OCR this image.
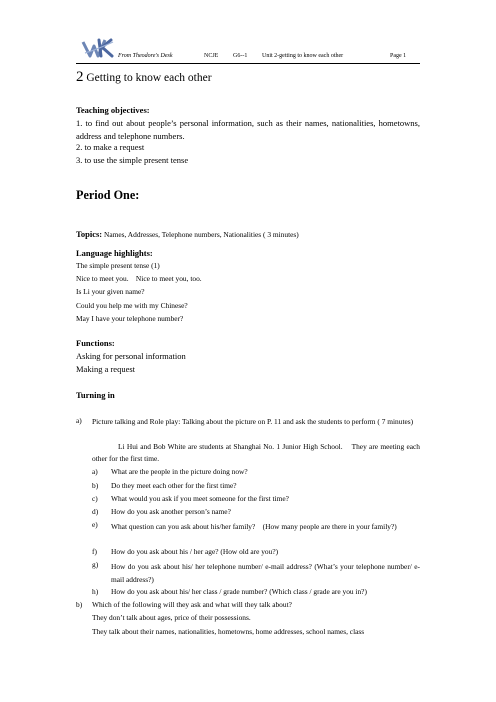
From Theodore's Desk	NCJE G6--1 Unit 2-getting to know each other	Page 1
2 Getting to know each other
Teaching objectives:
1. to find out about people’s personal information, such as their names, nationalities, hometowns, address and telephone numbers.
2. to make a request
3. to use the simple present tense
Period One:
Topics: Names, Addresses, Telephone numbers, Nationalities ( 3 minutes)
Language highlights:
The simple present tense (1)
Nice to meet you.    Nice to meet you, too.
Is Li your given name?
Could you help me with my Chinese?
May I have your telephone number?
Functions:
Asking for personal information
Making a request
Turning in
a) Picture talking and Role play: Talking about the picture on P. 11 and ask the students to perform ( 7 minutes)
Li Hui and Bob White are students at Shanghai No. 1 Junior High School.    They are meeting each other for the first time.
a) What are the people in the picture doing now?
b) Do they meet each other for the first time?
c) What would you ask if you meet someone for the first time?
d) How do you ask another person’s name?
e) What question can you ask about his/her family?    (How many people are there in your family?)
f) How do you ask about his / her age? (How old are you?)
g) How do you ask about his/ her telephone number/ e-mail address? (What’s your telephone number/ e-mail address?)
h) How do you ask about his/ her class / grade number? (Which class / grade are you in?)
b) Which of the following will they ask and what will they talk about?
They don’t talk about ages, price of their possessions.
They talk about their names, nationalities, hometowns, home addresses, school names, class
